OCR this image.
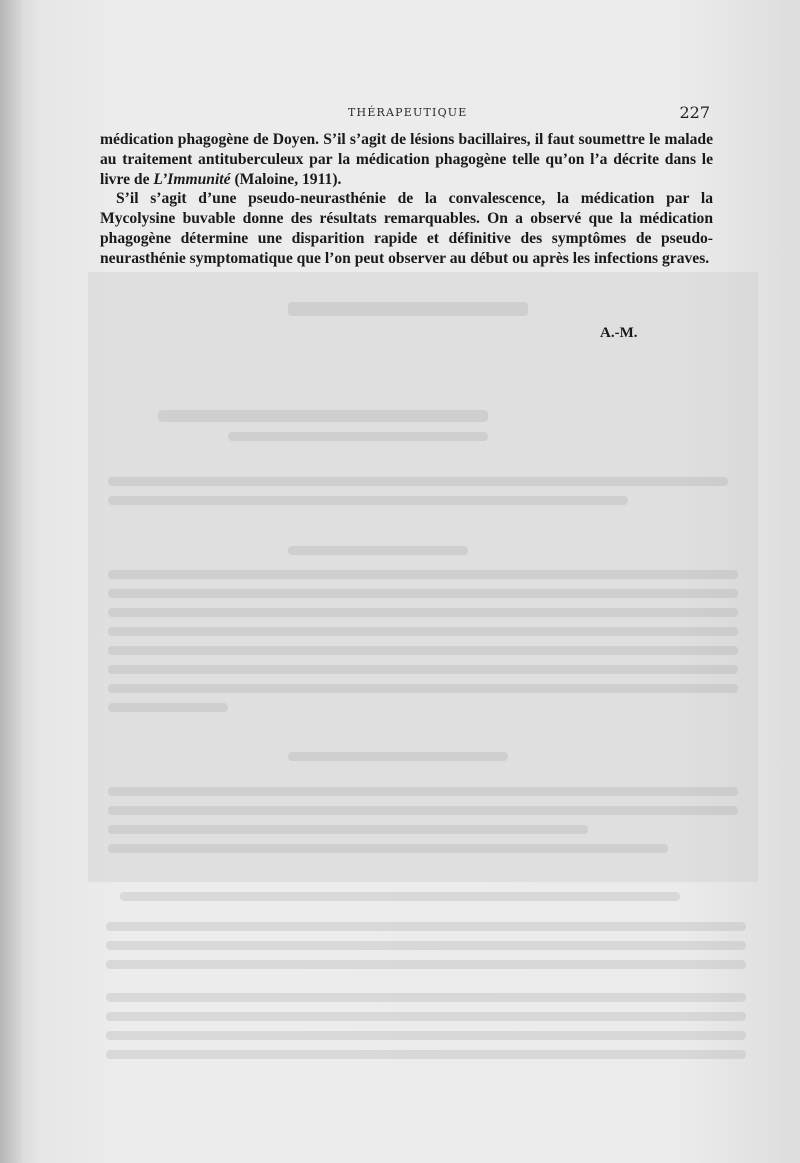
THÉRAPEUTIQUE	227

médication phagogène de Doyen. S’il s’agit de lésions bacillaires, il faut soumettre le malade au traitement antituberculeux par la médication phagogène telle qu’on l’a décrite dans le livre de L’Immunité (Maloine, 1911).

S’il s’agit d’une pseudo-neurasthénie de la convalescence, la médication par la Mycolysine buvable donne des résultats remarquables. On a observé que la médication phagogène détermine une disparition rapide et définitive des symptômes de pseudo-neurasthénie symptomatique que l’on peut observer au début ou après les infections graves.

A.-M.
